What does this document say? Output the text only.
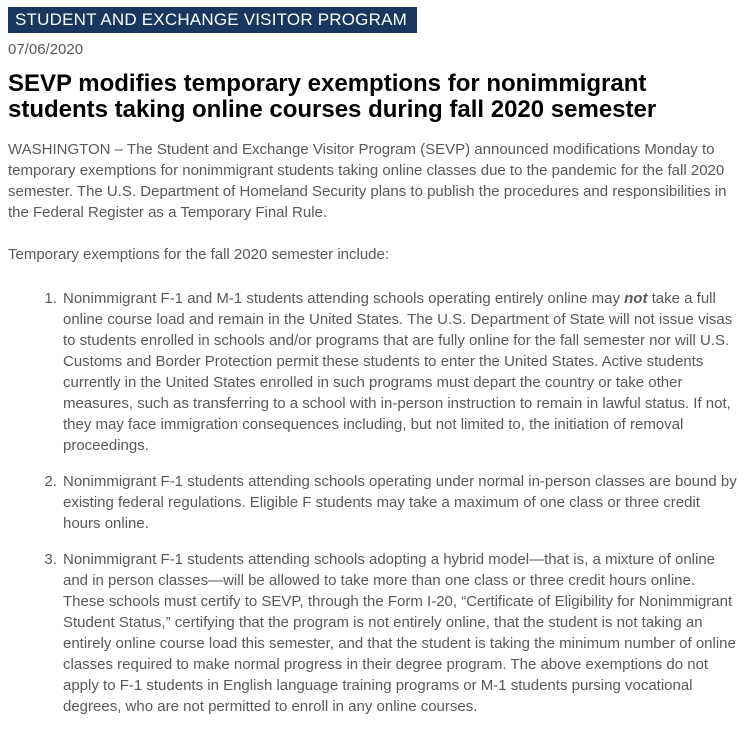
STUDENT AND EXCHANGE VISITOR PROGRAM
07/06/2020
SEVP modifies temporary exemptions for nonimmigrant students taking online courses during fall 2020 semester

WASHINGTON – The Student and Exchange Visitor Program (SEVP) announced modifications Monday to temporary exemptions for nonimmigrant students taking online classes due to the pandemic for the fall 2020 semester. The U.S. Department of Homeland Security plans to publish the procedures and responsibilities in the Federal Register as a Temporary Final Rule.

Temporary exemptions for the fall 2020 semester include:

1. Nonimmigrant F-1 and M-1 students attending schools operating entirely online may not take a full online course load and remain in the United States. The U.S. Department of State will not issue visas to students enrolled in schools and/or programs that are fully online for the fall semester nor will U.S. Customs and Border Protection permit these students to enter the United States. Active students currently in the United States enrolled in such programs must depart the country or take other measures, such as transferring to a school with in-person instruction to remain in lawful status. If not, they may face immigration consequences including, but not limited to, the initiation of removal proceedings.
2. Nonimmigrant F-1 students attending schools operating under normal in-person classes are bound by existing federal regulations. Eligible F students may take a maximum of one class or three credit hours online.
3. Nonimmigrant F-1 students attending schools adopting a hybrid model—that is, a mixture of online and in person classes—will be allowed to take more than one class or three credit hours online. These schools must certify to SEVP, through the Form I-20, “Certificate of Eligibility for Nonimmigrant Student Status,” certifying that the program is not entirely online, that the student is not taking an entirely online course load this semester, and that the student is taking the minimum number of online classes required to make normal progress in their degree program. The above exemptions do not apply to F-1 students in English language training programs or M-1 students pursing vocational degrees, who are not permitted to enroll in any online courses.
